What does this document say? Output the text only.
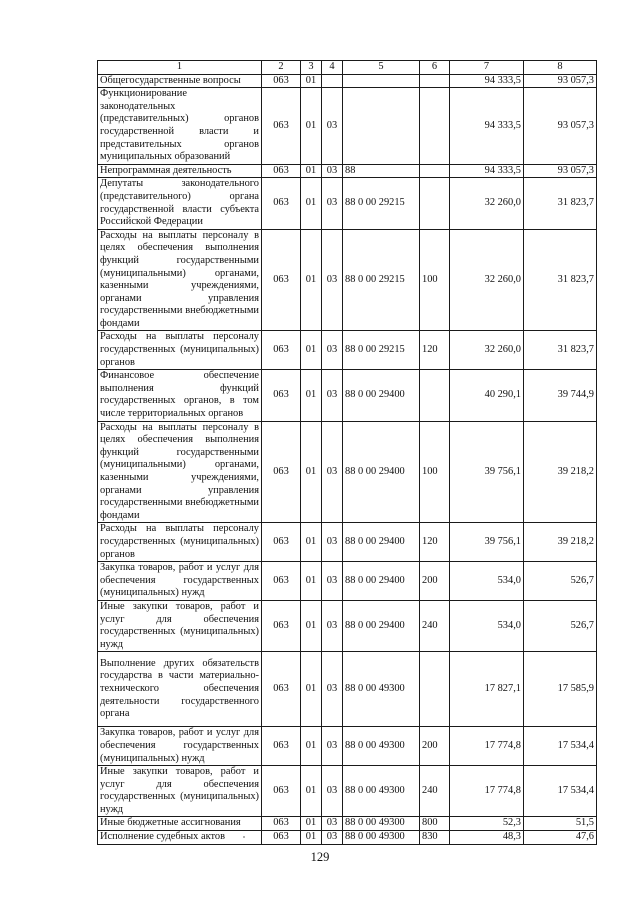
1	2	3	4	5	6	7	8
Общегосударственные вопросы	063	01				94 333,5	93 057,3
Функционирование законодательных (представительных) органов государственной власти и представительных органов муниципальных образований	063	01	03			94 333,5	93 057,3
Непрограммная деятельность	063	01	03	88		94 333,5	93 057,3
Депутаты законодательного (представительного) органа государственной власти субъекта Российской Федерации	063	01	03	88 0 00 29215		32 260,0	31 823,7
Расходы на выплаты персоналу в целях обеспечения выполнения функций государственными (муниципальными) органами, казенными учреждениями, органами управления государственными внебюджетными фондами	063	01	03	88 0 00 29215	100	32 260,0	31 823,7
Расходы на выплаты персоналу государственных (муниципальных) органов	063	01	03	88 0 00 29215	120	32 260,0	31 823,7
Финансовое обеспечение выполнения функций государственных органов, в том числе территориальных органов	063	01	03	88 0 00 29400		40 290,1	39 744,9
Расходы на выплаты персоналу в целях обеспечения выполнения функций государственными (муниципальными) органами, казенными учреждениями, органами управления государственными внебюджетными фондами	063	01	03	88 0 00 29400	100	39 756,1	39 218,2
Расходы на выплаты персоналу государственных (муниципальных) органов	063	01	03	88 0 00 29400	120	39 756,1	39 218,2
Закупка товаров, работ и услуг для обеспечения государственных (муниципальных) нужд	063	01	03	88 0 00 29400	200	534,0	526,7
Иные закупки товаров, работ и услуг для обеспечения государственных (муниципальных) нужд	063	01	03	88 0 00 29400	240	534,0	526,7
Выполнение других обязательств государства в части материально-технического обеспечения деятельности государственного органа	063	01	03	88 0 00 49300		17 827,1	17 585,9
Закупка товаров, работ и услуг для обеспечения государственных (муниципальных) нужд	063	01	03	88 0 00 49300	200	17 774,8	17 534,4
Иные закупки товаров, работ и услуг для обеспечения государственных (муниципальных) нужд	063	01	03	88 0 00 49300	240	17 774,8	17 534,4
Иные бюджетные ассигнования	063	01	03	88 0 00 49300	800	52,3	51,5
Исполнение судебных актов	063	01	03	88 0 00 49300	830	48,3	47,6
129
